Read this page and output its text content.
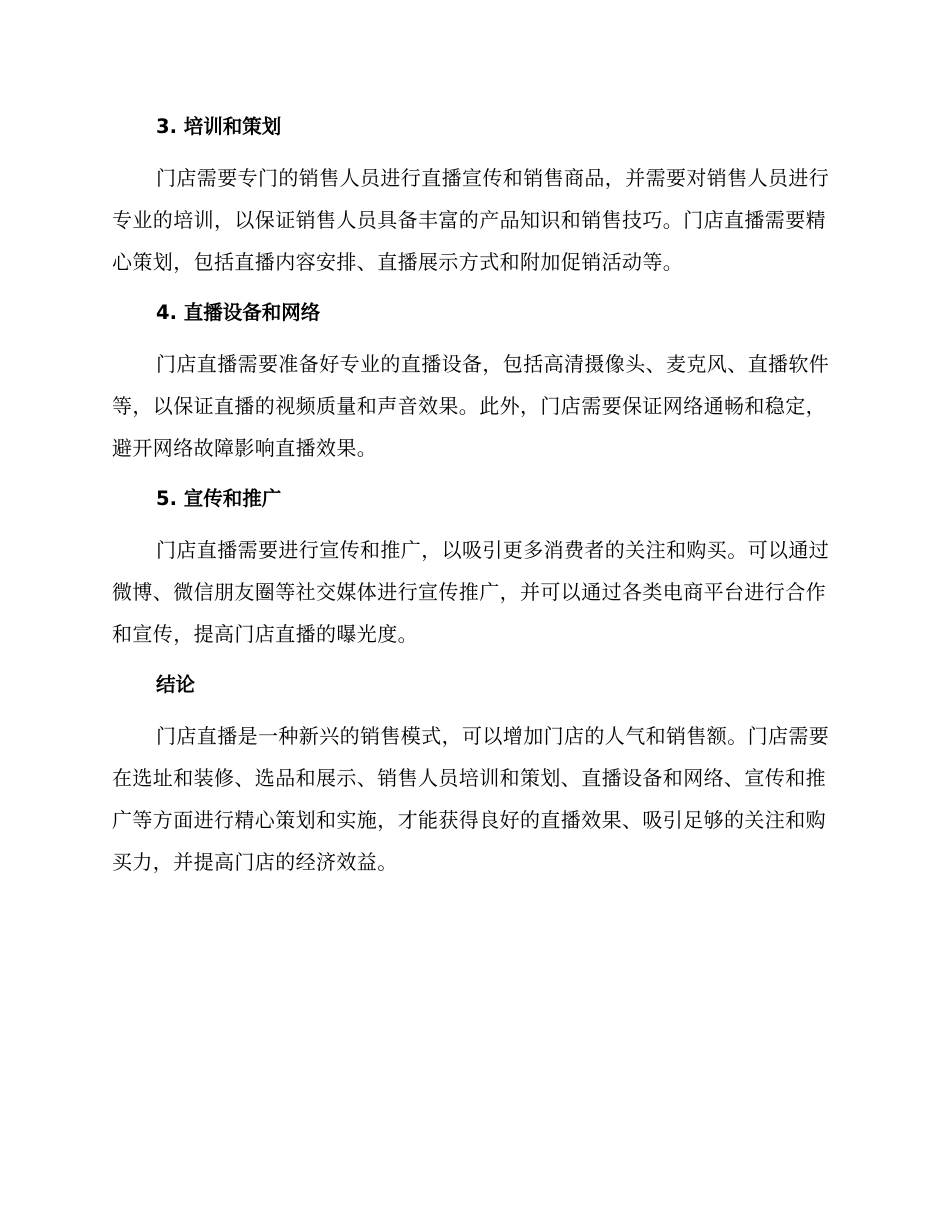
3. 培训和策划

门店需要专门的销售人员进行直播宣传和销售商品，并需要对销售人员进行专业的培训，以保证销售人员具备丰富的产品知识和销售技巧。门店直播需要精心策划，包括直播内容安排、直播展示方式和附加促销活动等。

4. 直播设备和网络

门店直播需要准备好专业的直播设备，包括高清摄像头、麦克风、直播软件等，以保证直播的视频质量和声音效果。此外，门店需要保证网络通畅和稳定，避开网络故障影响直播效果。

5. 宣传和推广

门店直播需要进行宣传和推广，以吸引更多消费者的关注和购买。可以通过微博、微信朋友圈等社交媒体进行宣传推广，并可以通过各类电商平台进行合作和宣传，提高门店直播的曝光度。

结论

门店直播是一种新兴的销售模式，可以增加门店的人气和销售额。门店需要在选址和装修、选品和展示、销售人员培训和策划、直播设备和网络、宣传和推广等方面进行精心策划和实施，才能获得良好的直播效果、吸引足够的关注和购买力，并提高门店的经济效益。
